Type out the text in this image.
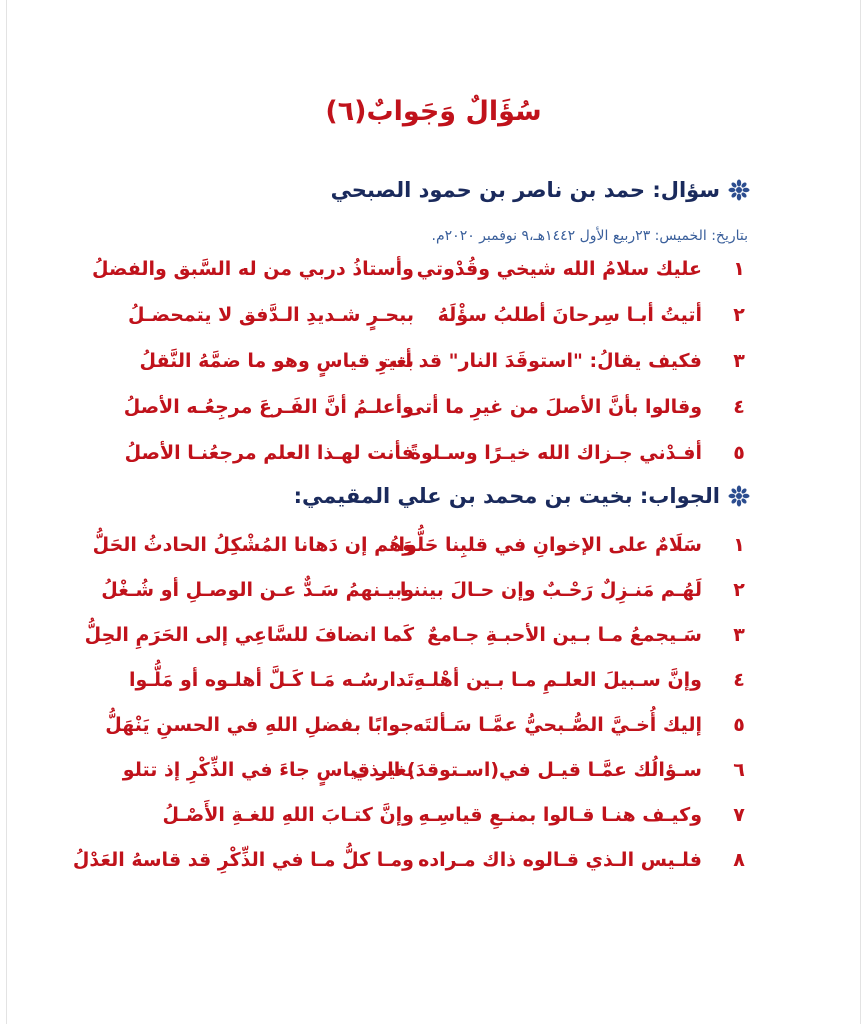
سُؤَالٌ وَجَوابٌ(٦)
سؤال: حمد بن ناصر بن حمود الصبحي
بتاريخ: الخميس: ٢٣ربيع الأول ١٤٤٢هـ،٩ نوفمبر ٢٠٢٠م.
١
عليك سلامُ الله شيخي وقُدْوتي
وأستاذُ دربي من له السَّبق والفضلُ
٢
أتيتُ أبـا سِرحانَ أطلبُ سؤْلَهُ
ببحـرٍ شـديدِ الـدَّفق لا يتمحضـلُ
٣
فكيف يقالُ: "استوقَدَ النار" قد أتت
بغيرِ قياسٍ وهو ما ضمَّهُ النَّقلُ
٤
وقالوا بأنَّ الأصلَ من غيرِ ما أتى
وأعلـمُ أنَّ الفَـرعَ مرجِعُـه الأصلُ
٥
أفـدْني جـزاك الله خيـرًا وسـلوةً
فأنت لهـذا العلم مرجعُنـا الأصلُ
الجواب: بخيت بن محمد بن علي المقيمي:
١
سَلَامٌ على الإخوانِ في قلبِنا حَلُّوا
وَهُم إن دَهانا المُشْكِلُ الحادثُ الحَلُّ
٢
لَهُـم مَنـزِلٌ رَحْـبٌ وإن حـالَ بيننـا
وبيـنهمُ سَـدٌّ عـن الوصـلِ أو شُـغْلُ
٣
سَـيجمعُ مـا بـين الأحبـةِ جـامعٌ
كَما انضافَ للسَّاعِي إلى الحَرَمِ الحِلُّ
٤
وإنَّ سـبيلَ العلـمِ مـا بـين أهْلـهِ
تَدارسُـه مَـا كَـلَّ أهلـوه أو مَلُّـوا
٥
إليك أُخـيَّ الصُّـبحيُّ عمَّـا سَـألتَه
جوابًا بفضلِ اللهِ في الحسنِ يَنْهَلُّ
٦
سـؤالُك عمَّـا قيـل في(اسـتوقدَ) الـذي
بغير قياسٍ جاءَ في الذِّكْرِ إذ تتلو
٧
وكيـف هنـا قـالوا بمنـعِ قياسِـهِ
وإنَّ كتـابَ اللهِ للغـةِ الأَصْـلُ
٨
فلـيس الـذي قـالوه ذاك مـراده
ومـا كلُّ مـا في الذِّكْرِ قد قاسهُ العَدْلُ
